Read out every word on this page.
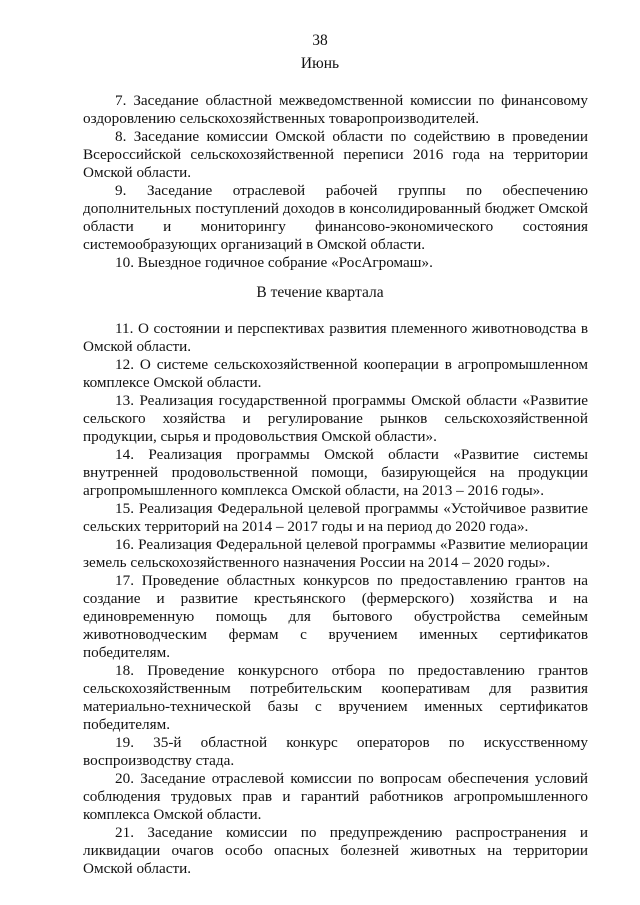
38
Июнь

7. Заседание областной межведомственной комиссии по финансовому оздоровлению сельскохозяйственных товаропроизводителей.

8. Заседание комиссии Омской области по содействию в проведении Всероссийской сельскохозяйственной переписи 2016 года на территории Омской области.

9. Заседание отраслевой рабочей группы по обеспечению дополнительных поступлений доходов в консолидированный бюджет Омской области и мониторингу финансово-экономического состояния системообразующих организаций в Омской области.

10. Выездное годичное собрание «РосАгромаш».

В течение квартала

11. О состоянии и перспективах развития племенного животноводства в Омской области.

12. О системе сельскохозяйственной кооперации в агропромышленном комплексе Омской области.

13. Реализация государственной программы Омской области «Развитие сельского хозяйства и регулирование рынков сельскохозяйственной продукции, сырья и продовольствия Омской области».

14. Реализация программы Омской области «Развитие системы внутренней продовольственной помощи, базирующейся на продукции агропромышленного комплекса Омской области, на 2013 – 2016 годы».

15. Реализация Федеральной целевой программы «Устойчивое развитие сельских территорий на 2014 – 2017 годы и на период до 2020 года».

16. Реализация Федеральной целевой программы «Развитие мелиорации земель сельскохозяйственного назначения России на 2014 – 2020 годы».

17. Проведение областных конкурсов по предоставлению грантов на создание и развитие крестьянского (фермерского) хозяйства и на единовременную помощь для бытового обустройства семейным животноводческим фермам с вручением именных сертификатов победителям.

18. Проведение конкурсного отбора по предоставлению грантов сельскохозяйственным потребительским кооперативам для развития материально-технической базы с вручением именных сертификатов победителям.

19. 35-й областной конкурс операторов по искусственному воспроизводству стада.

20. Заседание отраслевой комиссии по вопросам обеспечения условий соблюдения трудовых прав и гарантий работников агропромышленного комплекса Омской области.

21. Заседание комиссии по предупреждению распространения и ликвидации очагов особо опасных болезней животных на территории Омской области.
